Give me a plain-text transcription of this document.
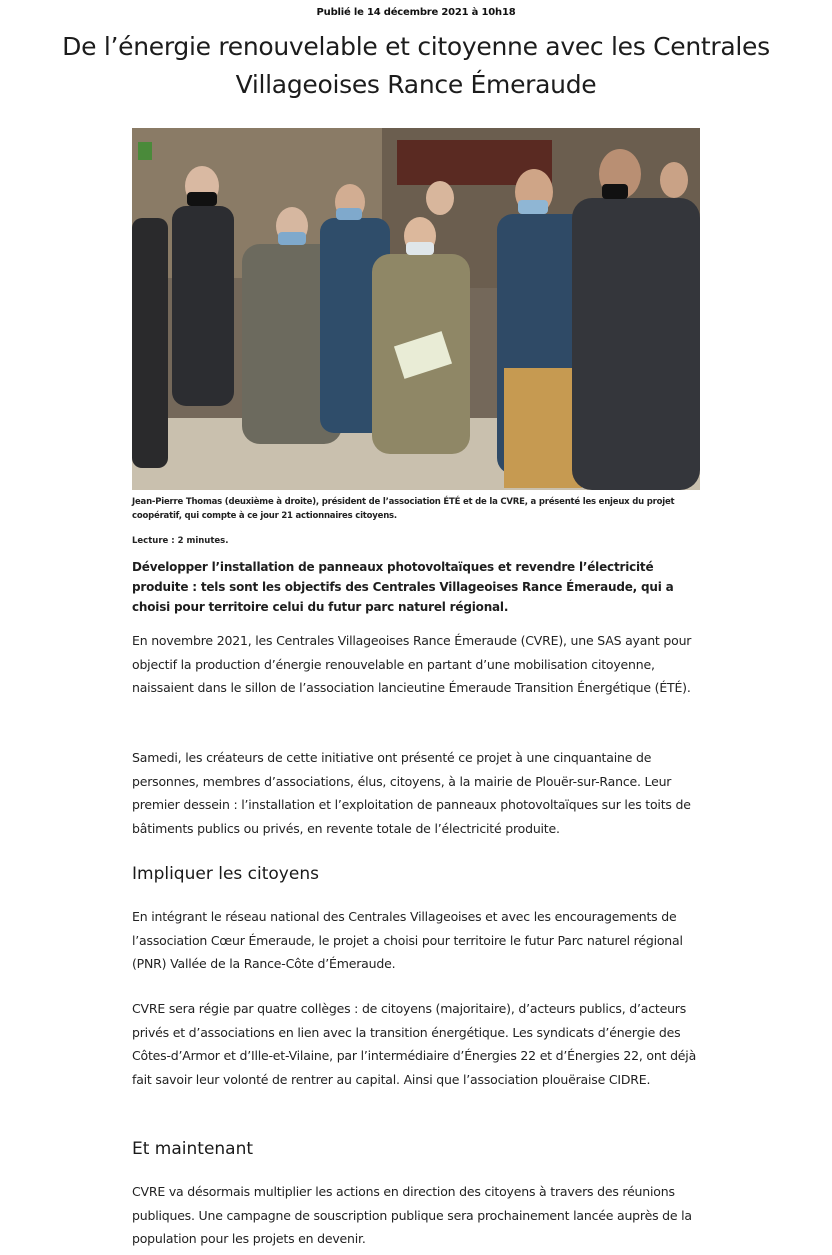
Publié le 14 décembre 2021 à 10h18
De l’énergie renouvelable et citoyenne avec les Centrales Villageoises Rance Émeraude
Jean-Pierre Thomas (deuxième à droite), président de l’association ÉTÉ et de la CVRE, a présenté les enjeux du projet coopératif, qui compte à ce jour 21 actionnaires citoyens.
Lecture : 2 minutes.

Développer l’installation de panneaux photovoltaïques et revendre l’électricité produite : tels sont les objectifs des Centrales Villageoises Rance Émeraude, qui a choisi pour territoire celui du futur parc naturel régional.

En novembre 2021, les Centrales Villageoises Rance Émeraude (CVRE), une SAS ayant pour objectif la production d’énergie renouvelable en partant d’une mobilisation citoyenne, naissaient dans le sillon de l’association lancieutine Émeraude Transition Énergétique (ÉTÉ).

Samedi, les créateurs de cette initiative ont présenté ce projet à une cinquantaine de personnes, membres d’associations, élus, citoyens, à la mairie de Plouër-sur-Rance. Leur premier dessein : l’installation et l’exploitation de panneaux photovoltaïques sur les toits de bâtiments publics ou privés, en revente totale de l’électricité produite.

Impliquer les citoyens

En intégrant le réseau national des Centrales Villageoises et avec les encouragements de l’association Cœur Émeraude, le projet a choisi pour territoire le futur Parc naturel régional (PNR) Vallée de la Rance-Côte d’Émeraude.

CVRE sera régie par quatre collèges : de citoyens (majoritaire), d’acteurs publics, d’acteurs privés et d’associations en lien avec la transition énergétique. Les syndicats d’énergie des Côtes-d’Armor et d’Ille-et-Vilaine, par l’intermédiaire d’Énergies 22 et d’Énergies 22, ont déjà fait savoir leur volonté de rentrer au capital. Ainsi que l’association plouëraise CIDRE.

Et maintenant

CVRE va désormais multiplier les actions en direction des citoyens à travers des réunions publiques. Une campagne de souscription publique sera prochainement lancée auprès de la population pour les projets en devenir.
